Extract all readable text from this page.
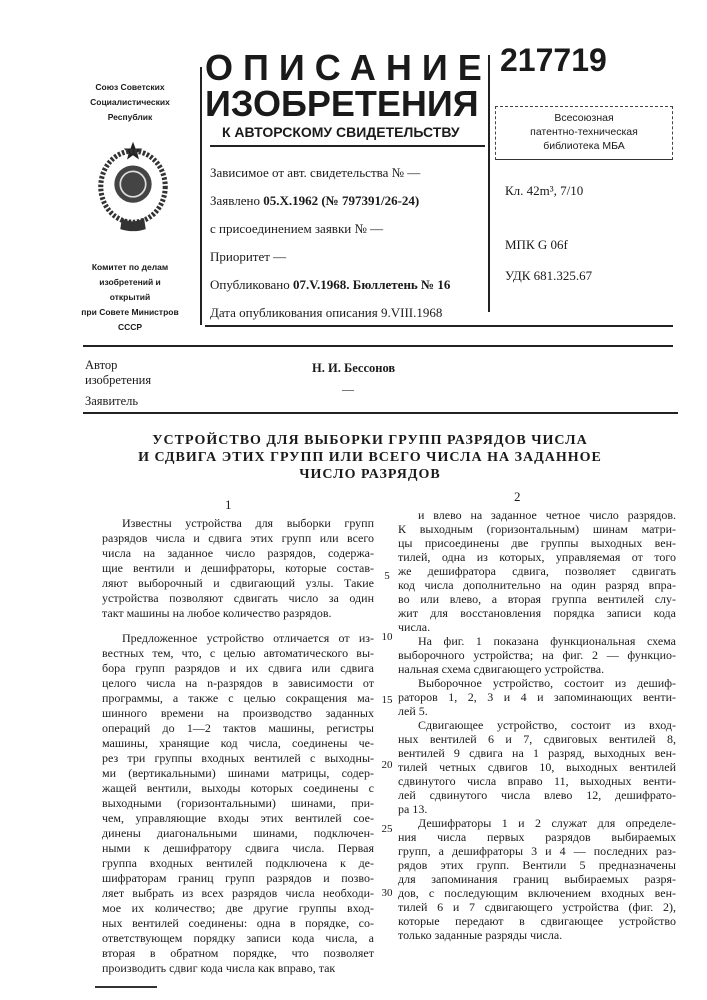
Союз Советских
Социалистических
Республик
Комитет по делам
изобретений и открытий
при Совете Министров
СССР
ОПИСАНИЕ
ИЗОБРЕТЕНИЯ
К АВТОРСКОМУ СВИДЕТЕЛЬСТВУ
217719
Всесоюзная
патентно-техническая
библиотека МБА
Зависимое от авт. свидетельства № —
Заявлено 05.X.1962 (№ 797391/26-24)
с присоединением заявки № —
Приоритет —
Опубликовано 07.V.1968. Бюллетень № 16
Дата опубликования описания 9.VIII.1968
Кл. 42m³, 7/10
МПК G 06f
УДК 681.325.67
Автор
изобретения
Н. И. Бессонов
Заявитель
—
УСТРОЙСТВО ДЛЯ ВЫБОРКИ ГРУПП РАЗРЯДОВ ЧИСЛА
И СДВИГА ЭТИХ ГРУПП ИЛИ ВСЕГО ЧИСЛА НА ЗАДАННОЕ
ЧИСЛО РАЗРЯДОВ
1
2
Известны устройства для выборки групп
разрядов числа и сдвига этих групп или всего
числа на заданное число разрядов, содержа-
щие вентили и дешифраторы, которые состав-
ляют выборочный и сдвигающий узлы. Такие
устройства позволяют сдвигать число за один
такт машины на любое количество разрядов.
Предложенное устройство отличается от из-
вестных тем, что, с целью автоматического вы-
бора групп разрядов и их сдвига или сдвига
целого числа на n-разрядов в зависимости от
программы, а также с целью сокращения ма-
шинного времени на производство заданных
операций до 1—2 тактов машины, регистры
машины, хранящие код числа, соединены че-
рез три группы входных вентилей с выходны-
ми (вертикальными) шинами матрицы, содер-
жащей вентили, выходы которых соединены с
выходными (горизонтальными) шинами, при-
чем, управляющие входы этих вентилей сое-
динены диагональными шинами, подключен-
ными к дешифратору сдвига числа. Первая
группа входных вентилей подключена к де-
шифраторам границ групп разрядов и позво-
ляет выбрать из всех разрядов числа необходи-
мое их количество; две другие группы вход-
ных вентилей соединены: одна в порядке, со-
ответствующем порядку записи кода числа, а
вторая в обратном порядке, что позволяет
производить сдвиг кода числа как вправо, так
и влево на заданное четное число разрядов.
К выходным (горизонтальным) шинам матри-
цы присоединены две группы выходных вен-
тилей, одна из которых, управляемая от того
же дешифратора сдвига, позволяет сдвигать
код числа дополнительно на один разряд впра-
во или влево, а вторая группа вентилей слу-
жит для восстановления порядка записи кода
числа.
На фиг. 1 показана функциональная схема
выборочного устройства; на фиг. 2 — функцио-
нальная схема сдвигающего устройства.
Выборочное устройство, состоит из дешиф-
раторов 1, 2, 3 и 4 и запоминающих венти-
лей 5.
Сдвигающее устройство, состоит из вход-
ных вентилей 6 и 7, сдвиговых вентилей 8,
вентилей 9 сдвига на 1 разряд, выходных вен-
тилей четных сдвигов 10, выходных вентилей
сдвинутого числа вправо 11, выходных венти-
лей сдвинутого числа влево 12, дешифрато-
ра 13.
Дешифраторы 1 и 2 служат для определе-
ния числа первых разрядов выбираемых
групп, а дешифраторы 3 и 4 — последних раз-
рядов этих групп. Вентили 5 предназначены
для запоминания границ выбираемых разря-
дов, с последующим включением входных вен-
тилей 6 и 7 сдвигающего устройства (фиг. 2),
которые передают в сдвигающее устройство
только заданные разряды числа.
5
10
15
20
25
30
